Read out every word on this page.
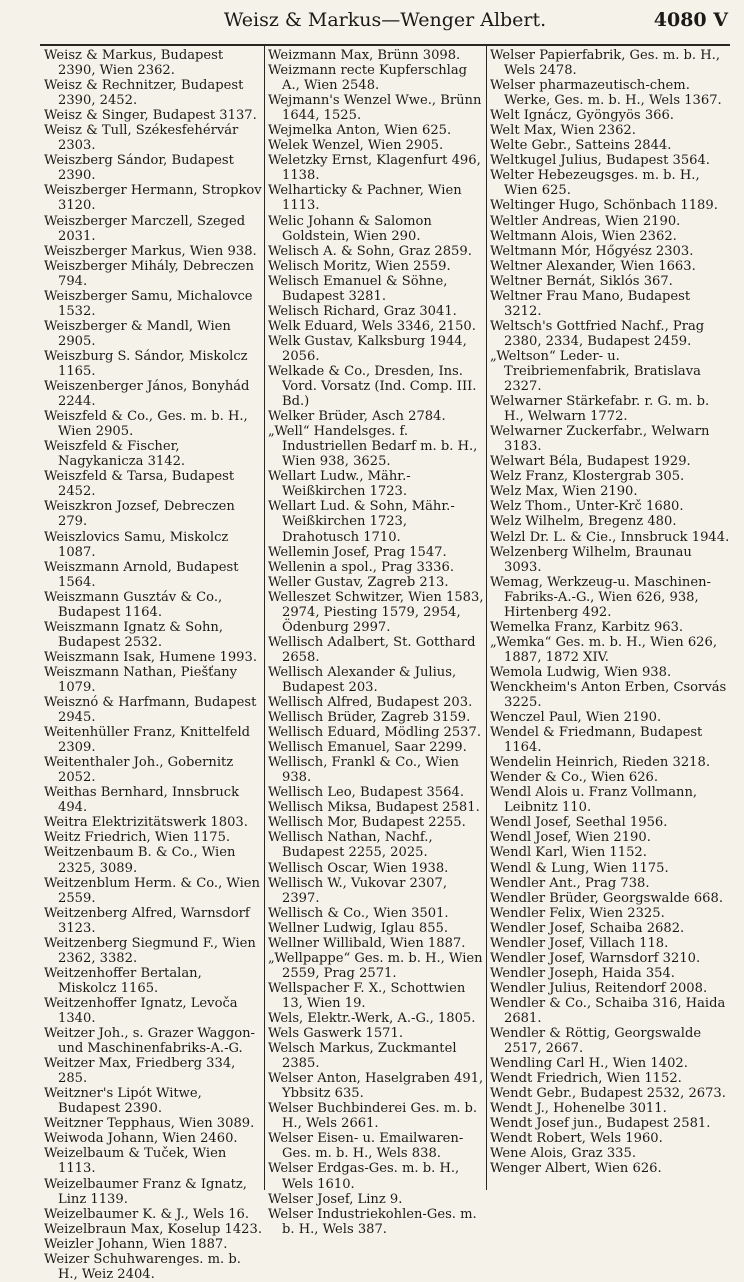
Weisz & Markus—Wenger Albert.	4080 V

Weisz & Markus, Budapest 2390, Wien 2362.

Weisz & Rechnitzer, Budapest 2390, 2452.

Weisz & Singer, Budapest 3137.

Weisz & Tull, Székesfehérvár 2303.

Weiszberg Sándor, Budapest 2390.

Weiszberger Hermann, Stropkov 3120.

Weiszberger Marczell, Szeged 2031.

Weiszberger Markus, Wien 938.

Weiszberger Mihály, Debreczen 794.

Weiszberger Samu, Michalovce 1532.

Weiszberger & Mandl, Wien 2905.

Weiszburg S. Sándor, Miskolcz 1165.

Weiszenberger János, Bonyhád 2244.

Weiszfeld & Co., Ges. m. b. H., Wien 2905.

Weiszfeld & Fischer, Nagykanicza 3142.

Weiszfeld & Tarsa, Budapest 2452.

Weiszkron Jozsef, Debreczen 279.

Weiszlovics Samu, Miskolcz 1087.

Weiszmann Arnold, Budapest 1564.

Weiszmann Gusztáv & Co., Budapest 1164.

Weiszmann Ignatz & Sohn, Budapest 2532.

Weiszmann Isak, Humene 1993.

Weiszmann Nathan, Piešťany 1079.

Weisznó & Harfmann, Budapest 2945.

Weitenhüller Franz, Knittelfeld 2309.

Weitenthaler Joh., Gobernitz 2052.

Weithas Bernhard, Innsbruck 494.

Weitra Elektrizitätswerk 1803.

Weitz Friedrich, Wien 1175.

Weitzenbaum B. & Co., Wien 2325, 3089.

Weitzenblum Herm. & Co., Wien 2559.

Weitzenberg Alfred, Warnsdorf 3123.

Weitzenberg Siegmund F., Wien 2362, 3382.

Weitzenhoffer Bertalan, Miskolcz 1165.

Weitzenhoffer Ignatz, Levoča 1340.

Weitzer Joh., s. Grazer Waggon- und Maschinenfabriks-A.-G.

Weitzer Max, Friedberg 334, 285.

Weitzner's Lipót Witwe, Budapest 2390.

Weitzner Tepphaus, Wien 3089.

Weiwoda Johann, Wien 2460.

Weizelbaum & Tuček, Wien 1113.

Weizelbaumer Franz & Ignatz, Linz 1139.

Weizelbaumer K. & J., Wels 16.

Weizelbraun Max, Koselup 1423.

Weizler Johann, Wien 1887.

Weizer Schuhwarenges. m. b. H., Weiz 2404.

Weizmann Max, Brünn 3098.

Weizmann recte Kupferschlag A., Wien 2548.

Wejmann's Wenzel Wwe., Brünn 1644, 1525.

Wejmelka Anton, Wien 625.

Welek Wenzel, Wien 2905.

Weletzky Ernst, Klagenfurt 496, 1138.

Welharticky & Pachner, Wien 1113.

Welic Johann & Salomon Goldstein, Wien 290.

Welisch A. & Sohn, Graz 2859.

Welisch Moritz, Wien 2559.

Welisch Emanuel & Söhne, Budapest 3281.

Welisch Richard, Graz 3041.

Welk Eduard, Wels 3346, 2150.

Welk Gustav, Kalksburg 1944, 2056.

Welkade & Co., Dresden, Ins. Vord. Vorsatz (Ind. Comp. III. Bd.)

Welker Brüder, Asch 2784.

„Well“ Handelsges. f. Industriellen Bedarf m. b. H., Wien 938, 3625.

Wellart Ludw., Mähr.-Weißkirchen 1723.

Wellart Lud. & Sohn, Mähr.-Weißkirchen 1723, Drahotusch 1710.

Wellemin Josef, Prag 1547.

Wellenin a spol., Prag 3336.

Weller Gustav, Zagreb 213.

Welleszet Schwitzer, Wien 1583, 2974, Piesting 1579, 2954, Ödenburg 2997.

Wellisch Adalbert, St. Gotthard 2658.

Wellisch Alexander & Julius, Budapest 203.

Wellisch Alfred, Budapest 203.

Wellisch Brüder, Zagreb 3159.

Wellisch Eduard, Mödling 2537.

Wellisch Emanuel, Saar 2299.

Wellisch, Frankl & Co., Wien 938.

Wellisch Leo, Budapest 3564.

Wellisch Miksa, Budapest 2581.

Wellisch Mor, Budapest 2255.

Wellisch Nathan, Nachf., Budapest 2255, 2025.

Wellisch Oscar, Wien 1938.

Wellisch W., Vukovar 2307, 2397.

Wellisch & Co., Wien 3501.

Wellner Ludwig, Iglau 855.

Wellner Willibald, Wien 1887.

„Wellpappe“ Ges. m. b. H., Wien 2559, Prag 2571.

Wellspacher F. X., Schottwien 13, Wien 19.

Wels, Elektr.-Werk, A.-G., 1805.

Wels Gaswerk 1571.

Welsch Markus, Zuckmantel 2385.

Welser Anton, Haselgraben 491, Ybbsitz 635.

Welser Buchbinderei Ges. m. b. H., Wels 2661.

Welser Eisen- u. Emailwaren-Ges. m. b. H., Wels 838.

Welser Erdgas-Ges. m. b. H., Wels 1610.

Welser Josef, Linz 9.

Welser Industriekohlen-Ges. m. b. H., Wels 387.

Welser Papierfabrik, Ges. m. b. H., Wels 2478.

Welser pharmazeutisch-chem. Werke, Ges. m. b. H., Wels 1367.

Welt Ignácz, Gyöngyös 366.

Welt Max, Wien 2362.

Welte Gebr., Satteins 2844.

Weltkugel Julius, Budapest 3564.

Welter Hebezeugsges. m. b. H., Wien 625.

Weltinger Hugo, Schönbach 1189.

Weltler Andreas, Wien 2190.

Weltmann Alois, Wien 2362.

Weltmann Mór, Hőgyész 2303.

Weltner Alexander, Wien 1663.

Weltner Bernát, Siklós 367.

Weltner Frau Mano, Budapest 3212.

Weltsch's Gottfried Nachf., Prag 2380, 2334, Budapest 2459.

„Weltson“ Leder- u. Treibriemenfabrik, Bratislava 2327.

Welwarner Stärkefabr. r. G. m. b. H., Welwarn 1772.

Welwarner Zuckerfabr., Welwarn 3183.

Welwart Béla, Budapest 1929.

Welz Franz, Klostergrab 305.

Welz Max, Wien 2190.

Welz Thom., Unter-Krč 1680.

Welz Wilhelm, Bregenz 480.

Welzl Dr. L. & Cie., Innsbruck 1944.

Welzenberg Wilhelm, Braunau 3093.

Wemag, Werkzeug-u. Maschinen-Fabriks-A.-G., Wien 626, 938, Hirtenberg 492.

Wemelka Franz, Karbitz 963.

„Wemka“ Ges. m. b. H., Wien 626, 1887, 1872 XIV.

Wemola Ludwig, Wien 938.

Wenckheim's Anton Erben, Csorvás 3225.

Wenczel Paul, Wien 2190.

Wendel & Friedmann, Budapest 1164.

Wendelin Heinrich, Rieden 3218.

Wender & Co., Wien 626.

Wendl Alois u. Franz Vollmann, Leibnitz 110.

Wendl Josef, Seethal 1956.

Wendl Josef, Wien 2190.

Wendl Karl, Wien 1152.

Wendl & Lung, Wien 1175.

Wendler Ant., Prag 738.

Wendler Brüder, Georgswalde 668.

Wendler Felix, Wien 2325.

Wendler Josef, Schaiba 2682.

Wendler Josef, Villach 118.

Wendler Josef, Warnsdorf 3210.

Wendler Joseph, Haida 354.

Wendler Julius, Reitendorf 2008.

Wendler & Co., Schaiba 316, Haida 2681.

Wendler & Röttig, Georgswalde 2517, 2667.

Wendling Carl H., Wien 1402.

Wendt Friedrich, Wien 1152.

Wendt Gebr., Budapest 2532, 2673.

Wendt J., Hohenelbe 3011.

Wendt Josef jun., Budapest 2581.

Wendt Robert, Wels 1960.

Wene Alois, Graz 335.

Wenger Albert, Wien 626.
